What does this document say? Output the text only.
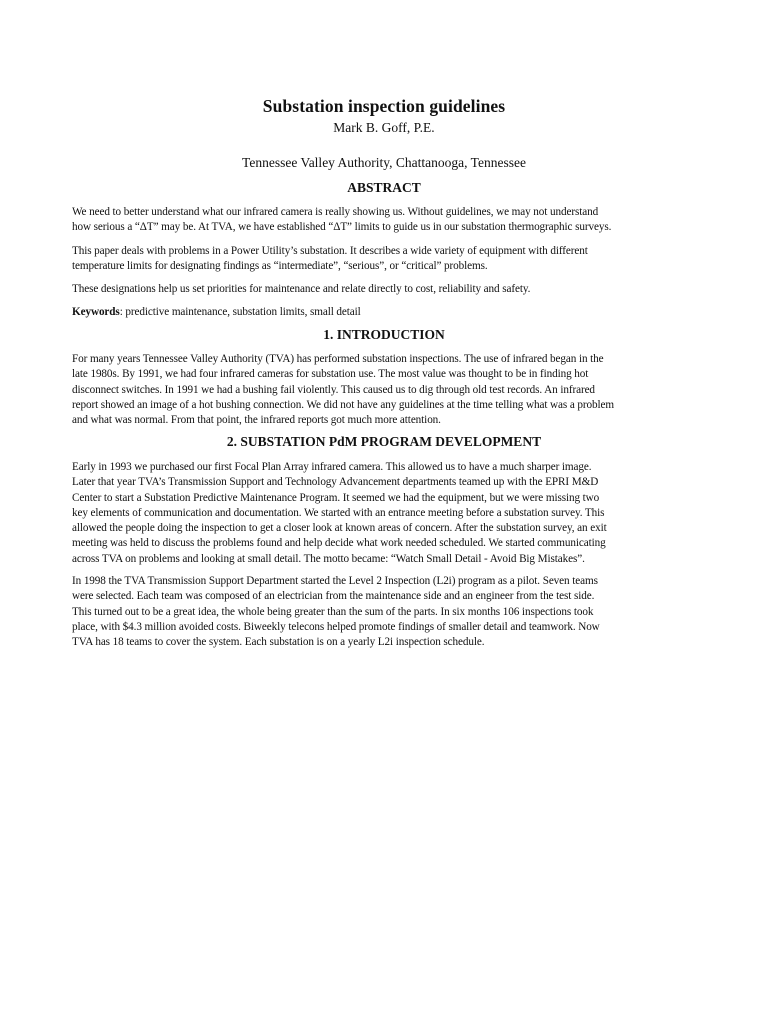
Substation inspection guidelines
Mark B. Goff, P.E.
Tennessee Valley Authority, Chattanooga, Tennessee
ABSTRACT

We need to better understand what our infrared camera is really showing us. Without guidelines, we may not understand

how serious a “ΔT” may be. At TVA, we have established “ΔT” limits to guide us in our substation thermographic surveys.

This paper deals with problems in a Power Utility’s substation. It describes a wide variety of equipment with different

temperature limits for designating findings as “intermediate”, “serious”, or “critical” problems.

These designations help us set priorities for maintenance and relate directly to cost, reliability and safety.

Keywords: predictive maintenance, substation limits, small detail

1. INTRODUCTION

For many years Tennessee Valley Authority (TVA) has performed substation inspections. The use of infrared began in the

late 1980s. By 1991, we had four infrared cameras for substation use. The most value was thought to be in finding hot

disconnect switches. In 1991 we had a bushing fail violently. This caused us to dig through old test records. An infrared

report showed an image of a hot bushing connection. We did not have any guidelines at the time telling what was a problem

and what was normal. From that point, the infrared reports got much more attention.

2. SUBSTATION PdM PROGRAM DEVELOPMENT

Early in 1993 we purchased our first Focal Plan Array infrared camera. This allowed us to have a much sharper image.

Later that year TVA’s Transmission Support and Technology Advancement departments teamed up with the EPRI M&D

Center to start a Substation Predictive Maintenance Program. It seemed we had the equipment, but we were missing two

key elements of communication and documentation. We started with an entrance meeting before a substation survey. This

allowed the people doing the inspection to get a closer look at known areas of concern. After the substation survey, an exit

meeting was held to discuss the problems found and help decide what work needed scheduled. We started communicating

across TVA on problems and looking at small detail. The motto became: “Watch Small Detail - Avoid Big Mistakes”.

In 1998 the TVA Transmission Support Department started the Level 2 Inspection (L2i) program as a pilot. Seven teams

were selected. Each team was composed of an electrician from the maintenance side and an engineer from the test side.

This turned out to be a great idea, the whole being greater than the sum of the parts. In six months 106 inspections took

place, with $4.3 million avoided costs. Biweekly telecons helped promote findings of smaller detail and teamwork. Now

TVA has 18 teams to cover the system. Each substation is on a yearly L2i inspection schedule.
